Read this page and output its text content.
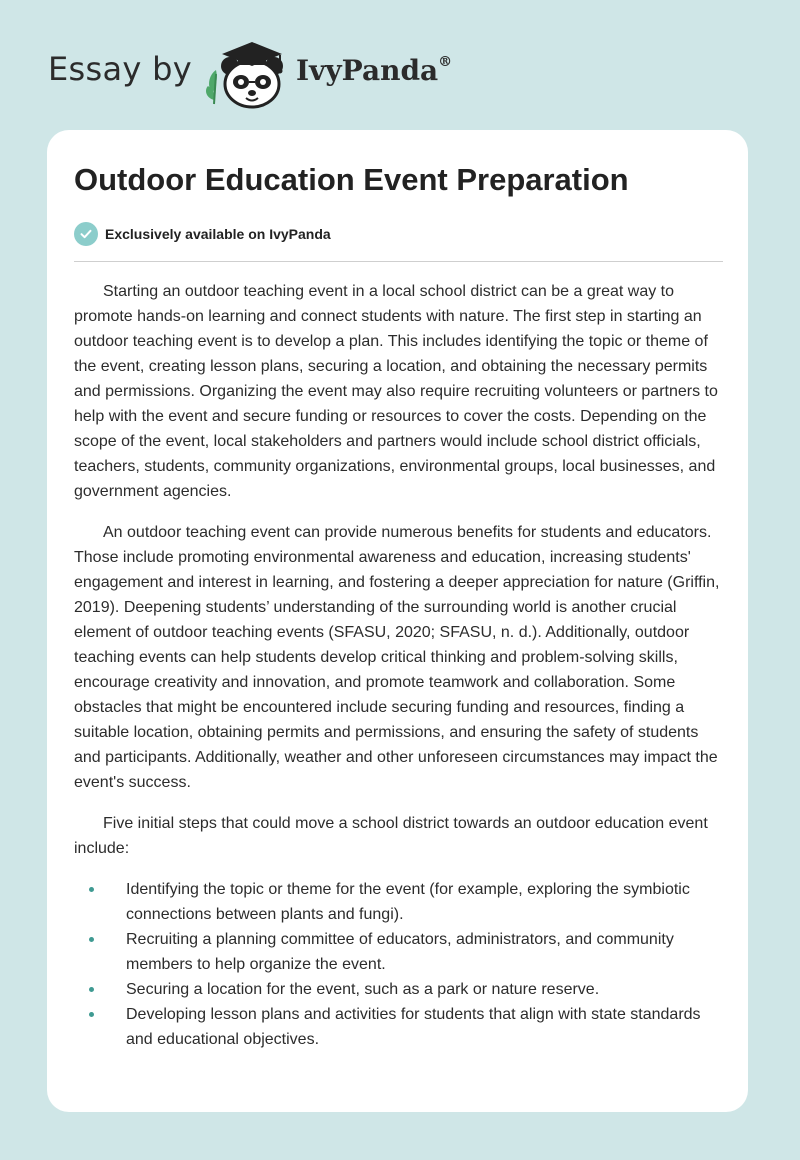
Essay by	IvyPanda®
Outdoor Education Event Preparation
Exclusively available on IvyPanda

Starting an outdoor teaching event in a local school district can be a great way to promote hands-on learning and connect students with nature. The first step in starting an outdoor teaching event is to develop a plan. This includes identifying the topic or theme of the event, creating lesson plans, securing a location, and obtaining the necessary permits and permissions. Organizing the event may also require recruiting volunteers or partners to help with the event and secure funding or resources to cover the costs. Depending on the scope of the event, local stakeholders and partners would include school district officials, teachers, students, community organizations, environmental groups, local businesses, and government agencies.

An outdoor teaching event can provide numerous benefits for students and educators. Those include promoting environmental awareness and education, increasing students' engagement and interest in learning, and fostering a deeper appreciation for nature (Griffin, 2019). Deepening students’ understanding of the surrounding world is another crucial element of outdoor teaching events (SFASU, 2020; SFASU, n. d.). Additionally, outdoor teaching events can help students develop critical thinking and problem-solving skills, encourage creativity and innovation, and promote teamwork and collaboration. Some obstacles that might be encountered include securing funding and resources, finding a suitable location, obtaining permits and permissions, and ensuring the safety of students and participants. Additionally, weather and other unforeseen circumstances may impact the event's success.

Five initial steps that could move a school district towards an outdoor education event include:

Identifying the topic or theme for the event (for example, exploring the symbiotic connections between plants and fungi).
Recruiting a planning committee of educators, administrators, and community members to help organize the event.
Securing a location for the event, such as a park or nature reserve.
Developing lesson plans and activities for students that align with state standards and educational objectives.
